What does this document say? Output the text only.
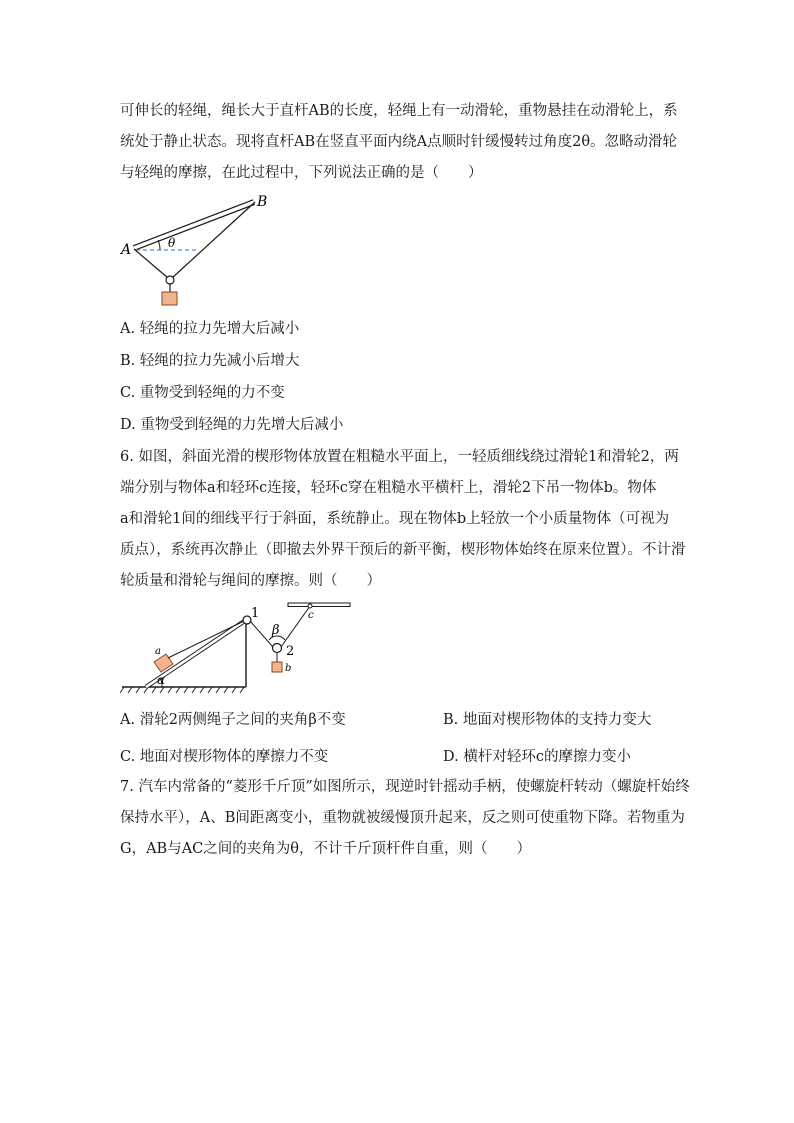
可伸长的轻绳，绳长大于直杆AB的长度，轻绳上有一动滑轮，重物悬挂在动滑轮上，系
统处于静止状态。现将直杆AB在竖直平面内绕A点顺时针缓慢转过角度2θ。忽略动滑轮
与轻绳的摩擦，在此过程中，下列说法正确的是（　　）
A
B
θ
A. 轻绳的拉力先增大后减小
B. 轻绳的拉力先减小后增大
C. 重物受到轻绳的力不变
D. 重物受到轻绳的力先增大后减小
6. 如图，斜面光滑的楔形物体放置在粗糙水平面上，一轻质细线绕过滑轮1和滑轮2，两
端分别与物体a和轻环c连接，轻环c穿在粗糙水平横杆上，滑轮2下吊一物体b。物体
a和滑轮1间的细线平行于斜面，系统静止。现在物体b上轻放一个小质量物体（可视为
质点），系统再次静止（即撤去外界干预后的新平衡，楔形物体始终在原来位置）。不计滑
轮质量和滑轮与绳间的摩擦。则（　　）
1
2
a
b
c
α
β
A. 滑轮2两侧绳子之间的夹角β不变	B. 地面对楔形物体的支持力变大
C. 地面对楔形物体的摩擦力不变	D. 横杆对轻环c的摩擦力变小
7. 汽车内常备的“菱形千斤顶”如图所示，现逆时针摇动手柄，使螺旋杆转动（螺旋杆始终
保持水平），A、B间距离变小，重物就被缓慢顶升起来，反之则可使重物下降。若物重为
G，AB与AC之间的夹角为θ，不计千斤顶杆件自重，则（　　）
